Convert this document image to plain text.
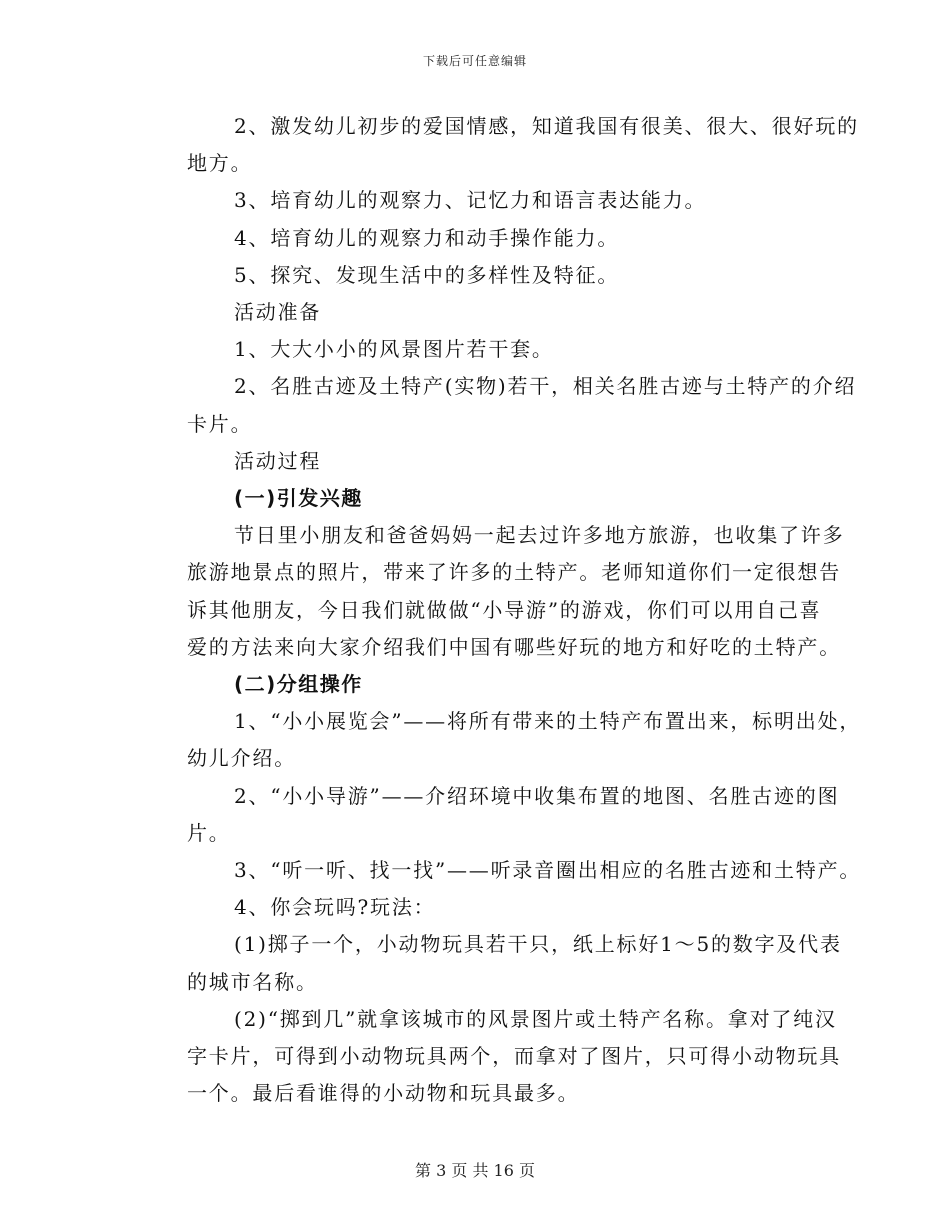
下载后可任意编辑
2、激发幼儿初步的爱国情感，知道我国有很美、很大、很好玩的
地方。
3、培育幼儿的观察力、记忆力和语言表达能力。
4、培育幼儿的观察力和动手操作能力。
5、探究、发现生活中的多样性及特征。
活动准备
1、大大小小的风景图片若干套。
2、名胜古迹及土特产(实物)若干，相关名胜古迹与土特产的介绍
卡片。
活动过程
(一)引发兴趣
节日里小朋友和爸爸妈妈一起去过许多地方旅游，也收集了许多
旅游地景点的照片，带来了许多的土特产。老师知道你们一定很想告
诉其他朋友，今日我们就做做“小导游”的游戏，你们可以用自己喜
爱的方法来向大家介绍我们中国有哪些好玩的地方和好吃的土特产。
(二)分组操作
1、“小小展览会”——将所有带来的土特产布置出来，标明出处，
幼儿介绍。
2、“小小导游”——介绍环境中收集布置的地图、名胜古迹的图
片。
3、“听一听、找一找”——听录音圈出相应的名胜古迹和土特产。
4、你会玩吗?玩法：
(1)掷子一个，小动物玩具若干只，纸上标好1～5的数字及代表
的城市名称。
(2)“掷到几”就拿该城市的风景图片或土特产名称。拿对了纯汉
字卡片，可得到小动物玩具两个，而拿对了图片，只可得小动物玩具
一个。最后看谁得的小动物和玩具最多。
第 3 页 共 16 页
